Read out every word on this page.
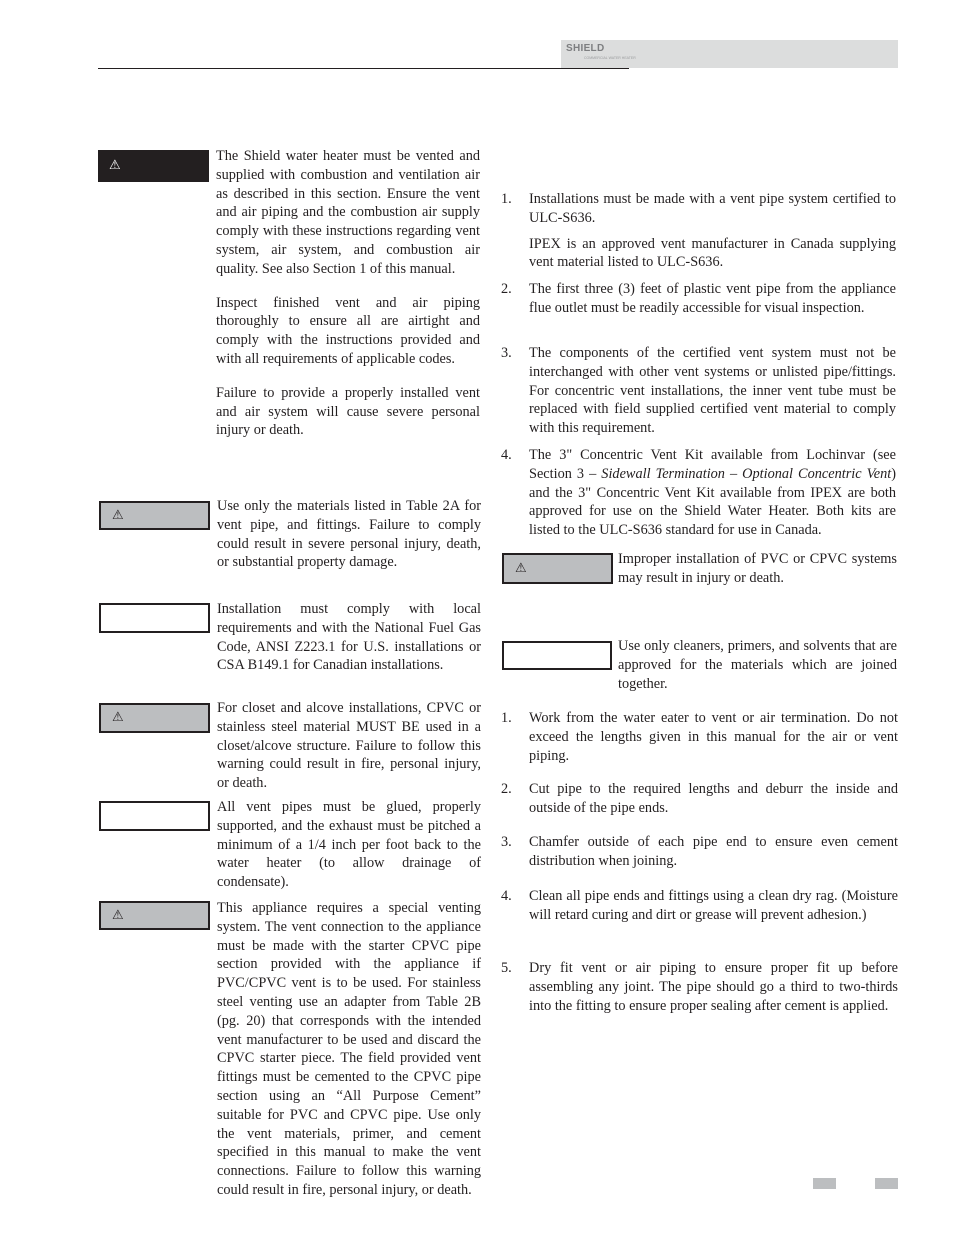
SHIELD
COMMERCIAL WATER HEATER
⚠

The Shield water heater must be vented and supplied with combustion and ventilation air as described in this section. Ensure the vent and air piping and the combustion air supply comply with these instructions regarding vent system, air system, and combustion air quality. See also Section 1 of this manual.

Inspect finished vent and air piping thoroughly to ensure all are airtight and comply with the instructions provided and with all requirements of applicable codes.

Failure to provide a properly installed vent and air system will cause severe personal injury or death.

⚠
Use only the materials listed in Table 2A for vent pipe, and fittings. Failure to comply could result in severe personal injury, death, or substantial property damage.
Installation must comply with local requirements and with the National Fuel Gas Code, ANSI Z223.1 for U.S. installations or CSA B149.1 for Canadian installations.
⚠
For closet and alcove installations, CPVC or stainless steel material MUST BE used in a closet/alcove structure. Failure to follow this warning could result in fire, personal injury, or death.
All vent pipes must be glued, properly supported, and the exhaust must be pitched a minimum of a 1/4 inch per foot back to the water heater (to allow drainage of condensate).
⚠	This appliance requires a special venting system. The vent connection to the appliance must be made with the starter CPVC pipe section provided with the appliance if PVC/CPVC vent is to be used. For stainless steel venting use an adapter from Table 2B (pg. 20) that corresponds with the intended vent manufacturer to be used and discard the CPVC starter piece. The field provided vent fittings must be cemented to the CPVC pipe section using an “All Purpose Cement” suitable for PVC and CPVC pipe. Use only the vent materials, primer, and cement specified in this manual to make the vent connections. Failure to follow this warning could result in fire, personal injury, or death.
1. Installations must be made with a vent pipe system certified to ULC-S636.

IPEX is an approved vent manufacturer in Canada supplying vent material listed to ULC-S636.

2. The first three (3) feet of plastic vent pipe from the appliance flue outlet must be readily accessible for visual inspection.
3. The components of the certified vent system must not be interchanged with other vent systems or unlisted pipe/fittings. For concentric vent installations, the inner vent tube must be replaced with field supplied certified vent material to comply with this requirement.
4. The 3" Concentric Vent Kit available from Lochinvar (see Section 3 – Sidewall Termination – Optional Concentric Vent) and the 3" Concentric Vent Kit available from IPEX are both approved for use on the Shield Water Heater. Both kits are listed to the ULC-S636 standard for use in Canada.
⚠
Improper installation of PVC or CPVC systems may result in injury or death.
Use only cleaners, primers, and solvents that are approved for the materials which are joined together.
1. Work from the water eater to vent or air termination. Do not exceed the lengths given in this manual for the air or vent piping.
2. Cut pipe to the required lengths and deburr the inside and outside of the pipe ends.
3. Chamfer outside of each pipe end to ensure even cement distribution when joining.
4. Clean all pipe ends and fittings using a clean dry rag. (Moisture will retard curing and dirt or grease will prevent adhesion.)
5. Dry fit vent or air piping to ensure proper fit up before assembling any joint. The pipe should go a third to two-thirds into the fitting to ensure proper sealing after cement is applied.
